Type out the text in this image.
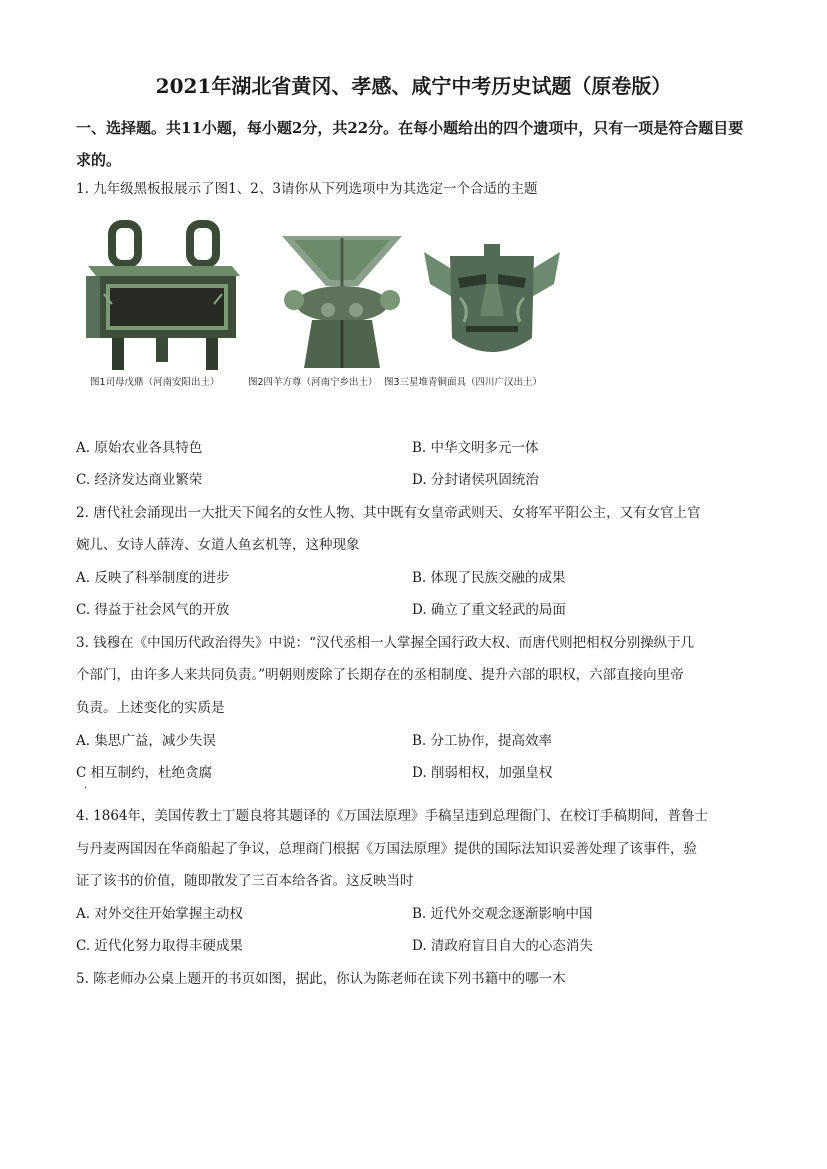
2021年湖北省黄冈、孝感、咸宁中考历史试题（原卷版）
一、选择题。共11小题，每小题2分，共22分。在每小题给出的四个遗项中，只有一项是符合题目要求的。
1. 九年级黑板报展示了图1、2、3请你从下列选项中为其选定一个合适的主题
图1司母戊鼎（河南安阳出土）	图2四羊方尊（河南宁乡出土） 图3三星堆青铜面具（四川广汉出土）
A. 原始农业各具特色	B. 中华文明多元一体
C. 经济发达商业繁荣	D. 分封诸侯巩固统治
2. 唐代社会涌现出一大批天下闻名的女性人物、其中既有女皇帝武则天、女将军平阳公主，又有女官上官
婉儿、女诗人薛涛、女道人鱼玄机等，这种现象
A. 反映了科举制度的进步	B. 体现了民族交融的成果
C. 得益于社会风气的开放	D. 确立了重文轻武的局面
3. 钱穆在《中国历代政治得失》中说：“汉代丞相一人掌握全国行政大权、而唐代则把相权分别操纵于几
个部门，由许多人来共同负责。”明朝则废除了长期存在的丞相制度、提升六部的职权，六部直接向里帝
负责。上述变化的实质是
A. 集思广益，减少失误	B. 分工协作，提高效率
C 相互制约，杜绝贪腐	D. 削弱相权，加强皇权
·
4. 1864年，美国传教士丁题良将其题译的《万国法原理》手稿呈违到总理衙门、在校订手稿期间，普鲁士
与丹麦两国因在华商船起了争议，总理商门根据《万国法原理》提供的国际法知识妥善处理了该事件，验
证了该书的价值，随即散发了三百本给各省。这反映当时
A. 对外交往开始掌握主动权	B. 近代外交观念逐渐影响中国
C. 近代化努力取得丰硬成果	D. 清政府盲目自大的心态消失
5. 陈老师办公桌上题开的书页如图，据此，你认为陈老师在读下列书籍中的哪一木
